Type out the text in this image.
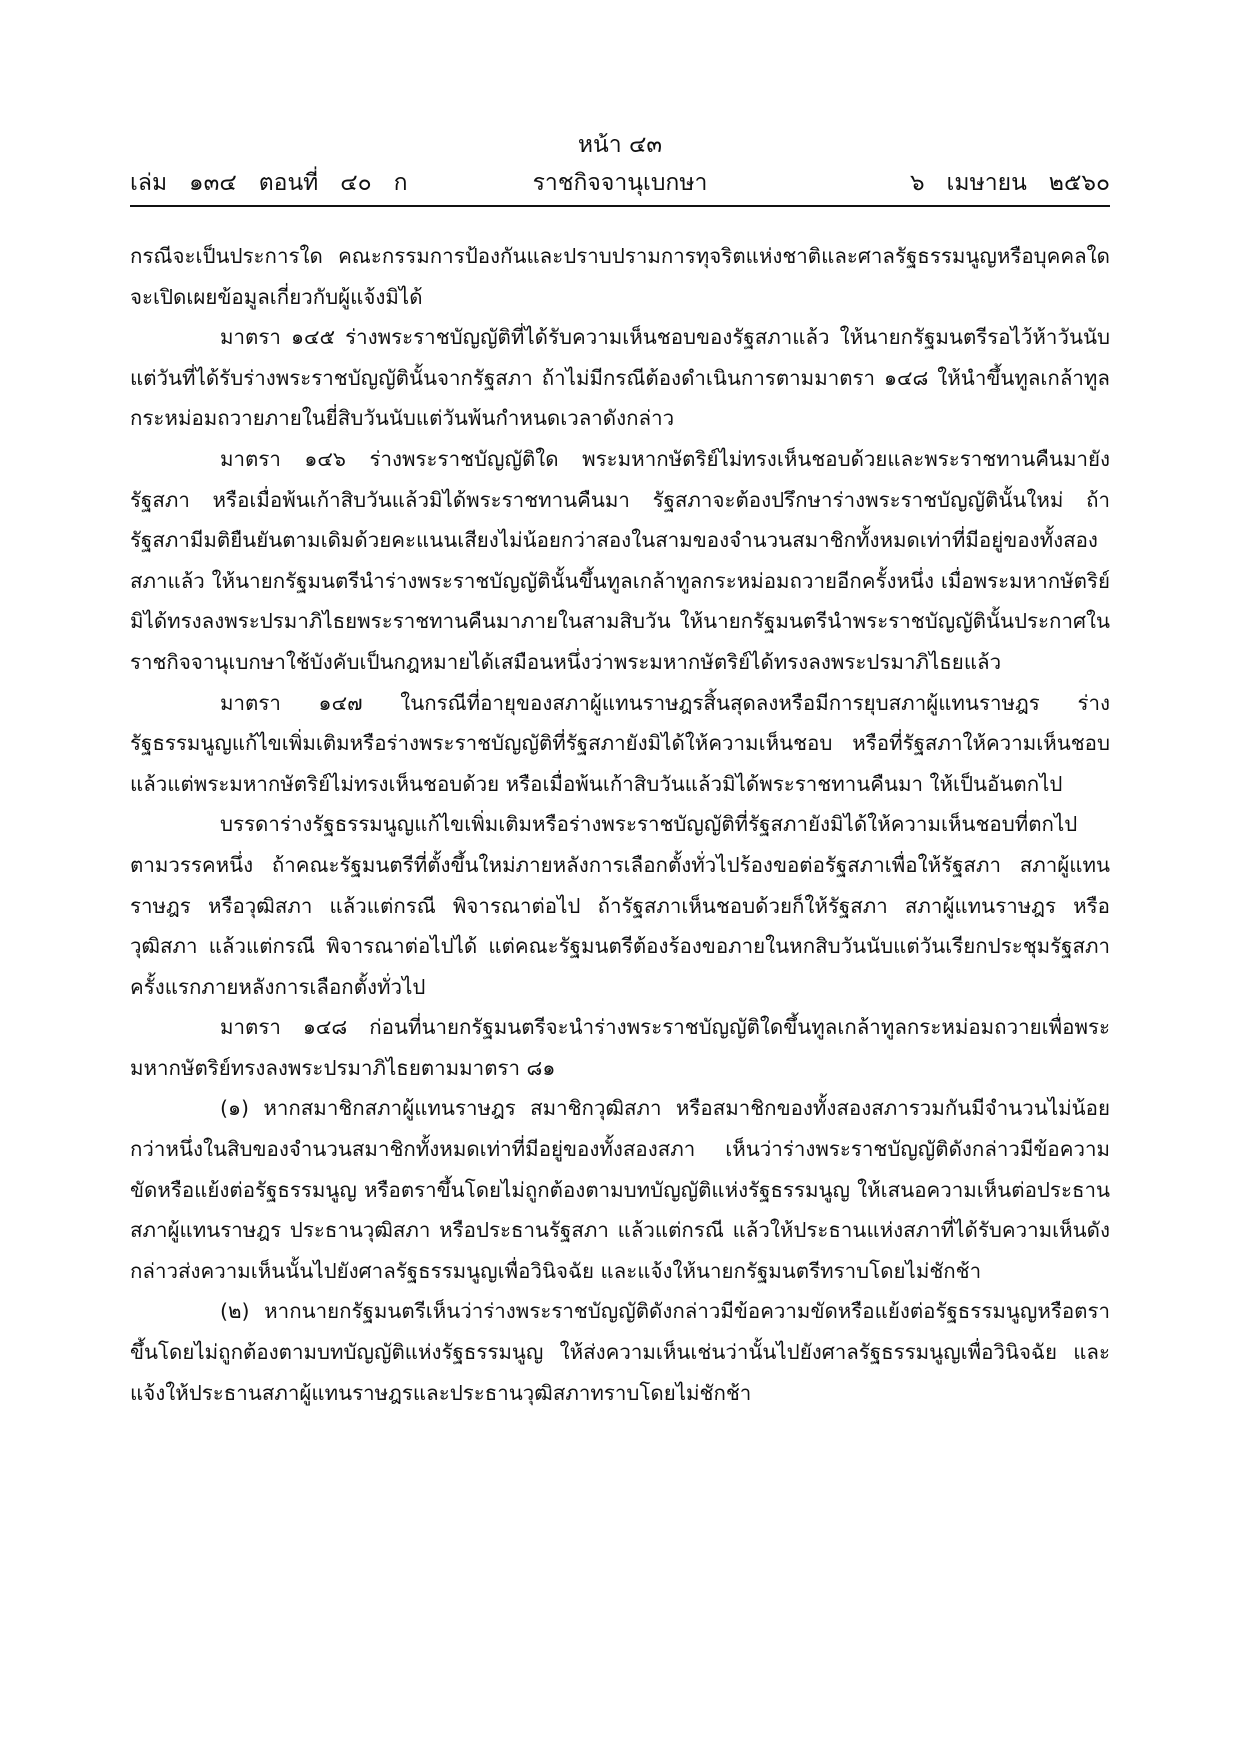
หน้า ๔๓
เล่ม   ๑๓๔   ตอนที่   ๔๐   ก	ราชกิจจานุเบกษา	๖   เมษายน   ๒๕๖๐

กรณีจะเป็นประการใด คณะกรรมการป้องกันและปราบปรามการทุจริตแห่งชาติและศาลรัฐธรรมนูญหรือบุคคลใดจะเปิดเผยข้อมูลเกี่ยวกับผู้แจ้งมิได้

มาตรา ๑๔๕ ร่างพระราชบัญญัติที่ได้รับความเห็นชอบของรัฐสภาแล้ว ให้นายกรัฐมนตรีรอไว้ห้าวันนับแต่วันที่ได้รับร่างพระราชบัญญัตินั้นจากรัฐสภา ถ้าไม่มีกรณีต้องดำเนินการตามมาตรา ๑๔๘ ให้นำขึ้นทูลเกล้าทูลกระหม่อมถวายภายในยี่สิบวันนับแต่วันพ้นกำหนดเวลาดังกล่าว

มาตรา ๑๔๖ ร่างพระราชบัญญัติใด พระมหากษัตริย์ไม่ทรงเห็นชอบด้วยและพระราชทานคืนมายังรัฐสภา หรือเมื่อพ้นเก้าสิบวันแล้วมิได้พระราชทานคืนมา รัฐสภาจะต้องปรึกษาร่างพระราชบัญญัตินั้นใหม่ ถ้ารัฐสภามีมติยืนยันตามเดิมด้วยคะแนนเสียงไม่น้อยกว่าสองในสามของจำนวนสมาชิกทั้งหมดเท่าที่มีอยู่ของทั้งสองสภาแล้ว ให้นายกรัฐมนตรีนำร่างพระราชบัญญัตินั้นขึ้นทูลเกล้าทูลกระหม่อมถวายอีกครั้งหนึ่ง เมื่อพระมหากษัตริย์มิได้ทรงลงพระปรมาภิไธยพระราชทานคืนมาภายในสามสิบวัน ให้นายกรัฐมนตรีนำพระราชบัญญัตินั้นประกาศในราชกิจจานุเบกษาใช้บังคับเป็นกฎหมายได้เสมือนหนึ่งว่าพระมหากษัตริย์ได้ทรงลงพระปรมาภิไธยแล้ว

มาตรา ๑๔๗ ในกรณีที่อายุของสภาผู้แทนราษฎรสิ้นสุดลงหรือมีการยุบสภาผู้แทนราษฎร ร่างรัฐธรรมนูญแก้ไขเพิ่มเติมหรือร่างพระราชบัญญัติที่รัฐสภายังมิได้ให้ความเห็นชอบ หรือที่รัฐสภาให้ความเห็นชอบแล้วแต่พระมหากษัตริย์ไม่ทรงเห็นชอบด้วย หรือเมื่อพ้นเก้าสิบวันแล้วมิได้พระราชทานคืนมา ให้เป็นอันตกไป

บรรดาร่างรัฐธรรมนูญแก้ไขเพิ่มเติมหรือร่างพระราชบัญญัติที่รัฐสภายังมิได้ให้ความเห็นชอบที่ตกไปตามวรรคหนึ่ง ถ้าคณะรัฐมนตรีที่ตั้งขึ้นใหม่ภายหลังการเลือกตั้งทั่วไปร้องขอต่อรัฐสภาเพื่อให้รัฐสภา สภาผู้แทนราษฎร หรือวุฒิสภา แล้วแต่กรณี พิจารณาต่อไป ถ้ารัฐสภาเห็นชอบด้วยก็ให้รัฐสภา สภาผู้แทนราษฎร หรือวุฒิสภา แล้วแต่กรณี พิจารณาต่อไปได้ แต่คณะรัฐมนตรีต้องร้องขอภายในหกสิบวันนับแต่วันเรียกประชุมรัฐสภาครั้งแรกภายหลังการเลือกตั้งทั่วไป

มาตรา ๑๔๘ ก่อนที่นายกรัฐมนตรีจะนำร่างพระราชบัญญัติใดขึ้นทูลเกล้าทูลกระหม่อมถวายเพื่อพระมหากษัตริย์ทรงลงพระปรมาภิไธยตามมาตรา ๘๑

(๑) หากสมาชิกสภาผู้แทนราษฎร สมาชิกวุฒิสภา หรือสมาชิกของทั้งสองสภารวมกันมีจำนวนไม่น้อยกว่าหนึ่งในสิบของจำนวนสมาชิกทั้งหมดเท่าที่มีอยู่ของทั้งสองสภา เห็นว่าร่างพระราชบัญญัติดังกล่าวมีข้อความขัดหรือแย้งต่อรัฐธรรมนูญ หรือตราขึ้นโดยไม่ถูกต้องตามบทบัญญัติแห่งรัฐธรรมนูญ ให้เสนอความเห็นต่อประธานสภาผู้แทนราษฎร ประธานวุฒิสภา หรือประธานรัฐสภา แล้วแต่กรณี แล้วให้ประธานแห่งสภาที่ได้รับความเห็นดังกล่าวส่งความเห็นนั้นไปยังศาลรัฐธรรมนูญเพื่อวินิจฉัย และแจ้งให้นายกรัฐมนตรีทราบโดยไม่ชักช้า

(๒) หากนายกรัฐมนตรีเห็นว่าร่างพระราชบัญญัติดังกล่าวมีข้อความขัดหรือแย้งต่อรัฐธรรมนูญหรือตราขึ้นโดยไม่ถูกต้องตามบทบัญญัติแห่งรัฐธรรมนูญ ให้ส่งความเห็นเช่นว่านั้นไปยังศาลรัฐธรรมนูญเพื่อวินิจฉัย และแจ้งให้ประธานสภาผู้แทนราษฎรและประธานวุฒิสภาทราบโดยไม่ชักช้า
